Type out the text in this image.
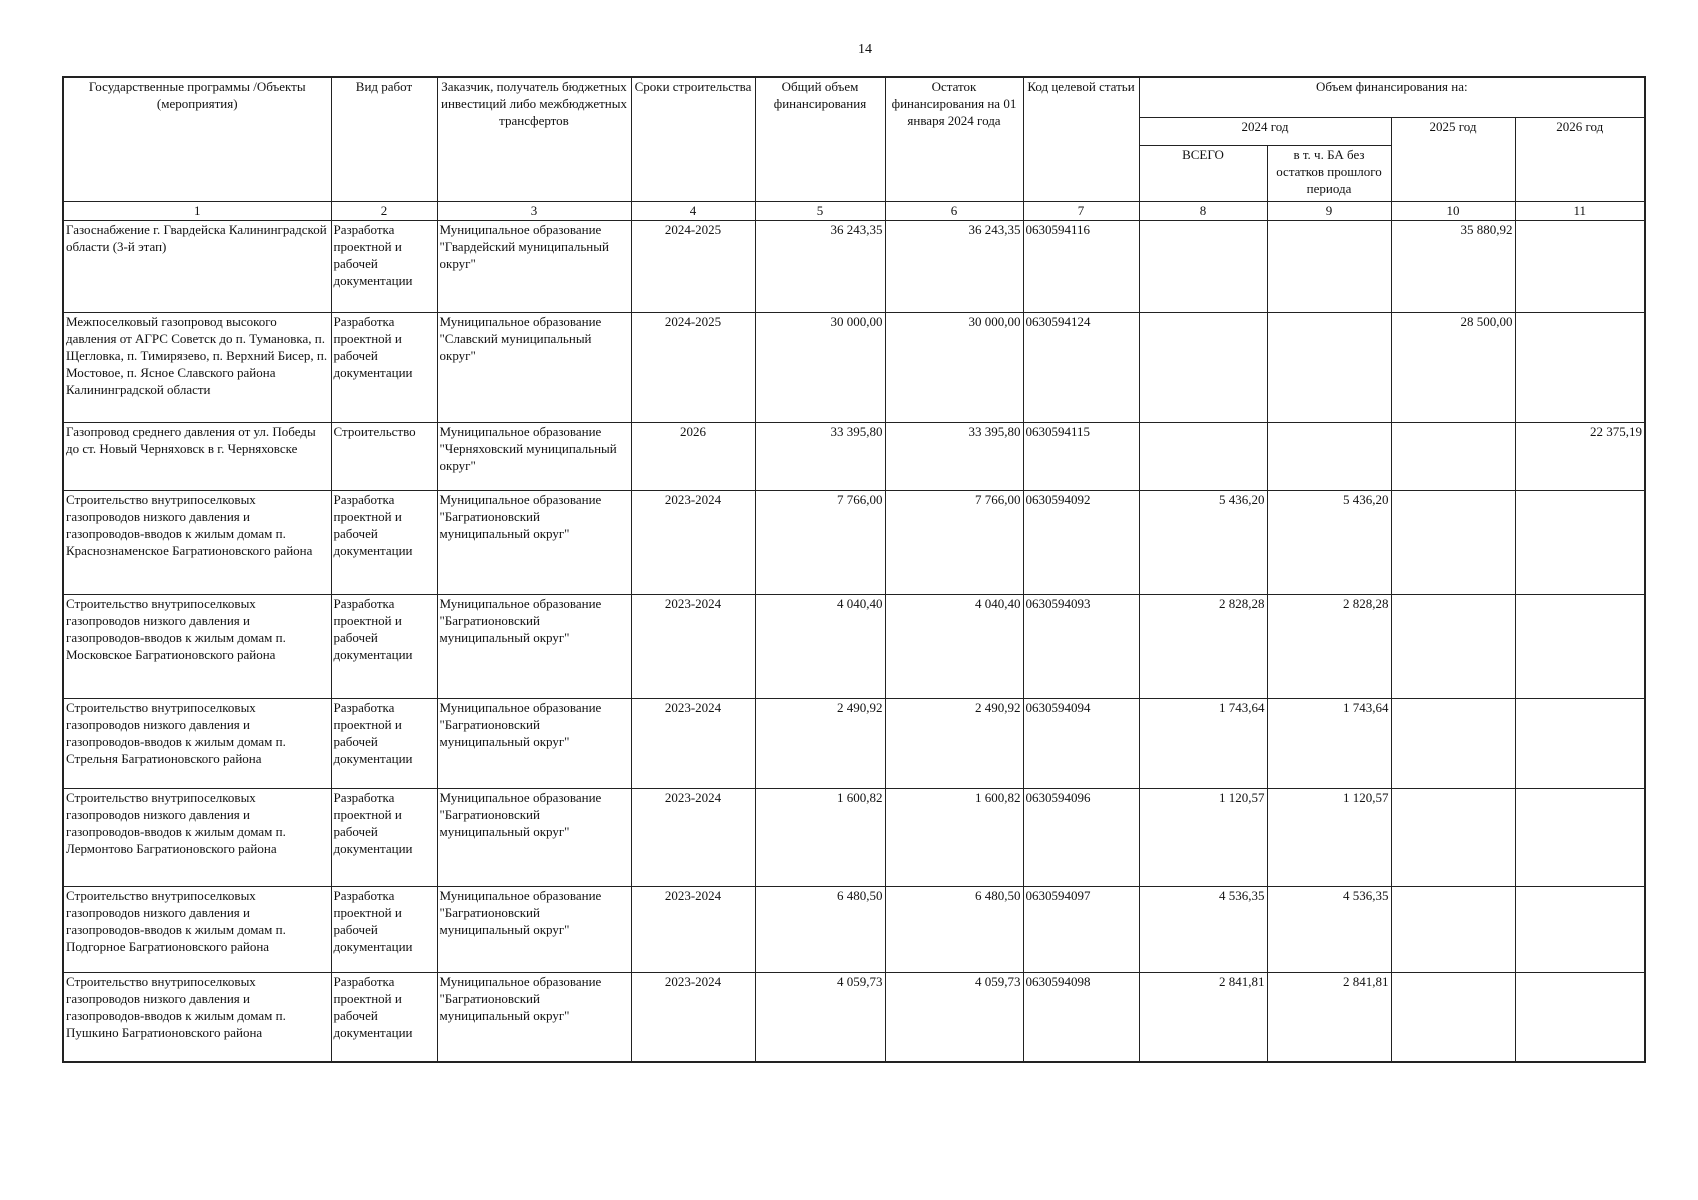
14
Государственные программы /Объекты (мероприятия)	Вид работ	Заказчик, получатель бюджетных инвестиций либо межбюджетных трансфертов	Сроки строительства	Общий объем финансирования	Остаток финансирования на 01 января 2024 года	Код целевой статьи	Объем финансирования на:			
							2024 год		2025 год	2026 год
							ВСЕГО	в т. ч. БА без остатков прошлого периода		
1	2	3	4	5	6	7	8	9	10	11
Газоснабжение г. Гвардейска Калининградской области (3-й этап)	Разработка проектной и рабочей документации	Муниципальное образование "Гвардейский муниципальный округ"	2024-2025	36 243,35	36 243,35	0630594116			35 880,92	
Межпоселковый газопровод высокого давления от АГРС Советск до п. Тумановка, п. Щегловка, п. Тимирязево, п. Верхний Бисер, п. Мостовое, п. Ясное Славского района Калининградской области	Разработка проектной и рабочей документации	Муниципальное образование "Славский муниципальный округ"	2024-2025	30 000,00	30 000,00	0630594124			28 500,00	
Газопровод среднего давления от ул. Победы до ст. Новый Черняховск в г. Черняховске	Строительство	Муниципальное образование "Черняховский муниципальный округ"	2026	33 395,80	33 395,80	0630594115				22 375,19
Строительство внутрипоселковых газопроводов низкого давления и газопроводов-вводов к жилым домам п. Краснознаменское Багратионовского района	Разработка проектной и рабочей документации	Муниципальное образование "Багратионовский муниципальный округ"	2023-2024	7 766,00	7 766,00	0630594092	5 436,20	5 436,20		
Строительство внутрипоселковых газопроводов низкого давления и газопроводов-вводов к жилым домам п. Московское Багратионовского района	Разработка проектной и рабочей документации	Муниципальное образование "Багратионовский муниципальный округ"	2023-2024	4 040,40	4 040,40	0630594093	2 828,28	2 828,28		
Строительство внутрипоселковых газопроводов низкого давления и газопроводов-вводов к жилым домам п. Стрельня Багратионовского района	Разработка проектной и рабочей документации	Муниципальное образование "Багратионовский муниципальный округ"	2023-2024	2 490,92	2 490,92	0630594094	1 743,64	1 743,64		
Строительство внутрипоселковых газопроводов низкого давления и газопроводов-вводов к жилым домам п. Лермонтово Багратионовского района	Разработка проектной и рабочей документации	Муниципальное образование "Багратионовский муниципальный округ"	2023-2024	1 600,82	1 600,82	0630594096	1 120,57	1 120,57		
Строительство внутрипоселковых газопроводов низкого давления и газопроводов-вводов к жилым домам п. Подгорное Багратионовского района	Разработка проектной и рабочей документации	Муниципальное образование "Багратионовский муниципальный округ"	2023-2024	6 480,50	6 480,50	0630594097	4 536,35	4 536,35		
Строительство внутрипоселковых газопроводов низкого давления и газопроводов-вводов к жилым домам п. Пушкино Багратионовского района	Разработка проектной и рабочей документации	Муниципальное образование "Багратионовский муниципальный округ"	2023-2024	4 059,73	4 059,73	0630594098	2 841,81	2 841,81		
